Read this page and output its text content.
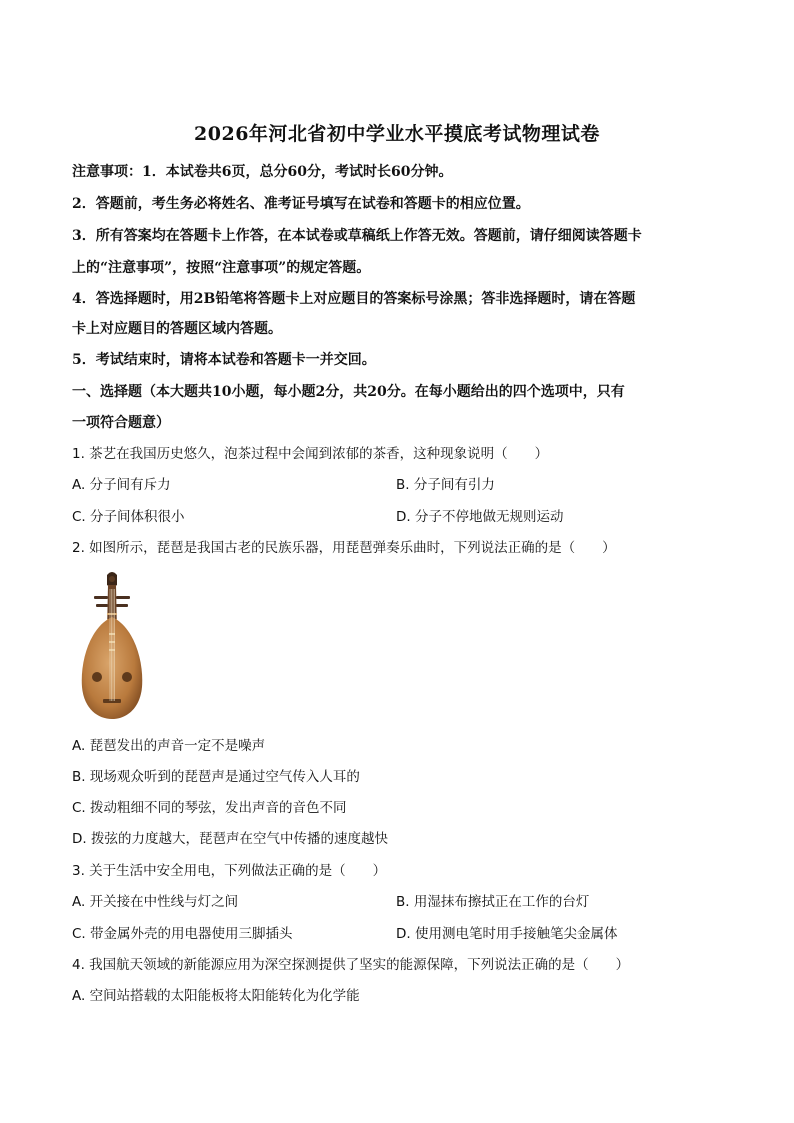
2026年河北省初中学业水平摸底考试物理试卷
注意事项：1．本试卷共6页，总分60分，考试时长60分钟。
2．答题前，考生务必将姓名、准考证号填写在试卷和答题卡的相应位置。
3．所有答案均在答题卡上作答，在本试卷或草稿纸上作答无效。答题前，请仔细阅读答题卡
上的“注意事项”，按照“注意事项”的规定答题。
4．答选择题时，用2B铅笔将答题卡上对应题目的答案标号涂黑；答非选择题时，请在答题
卡上对应题目的答题区域内答题。
5．考试结束时，请将本试卷和答题卡一并交回。
一、选择题（本大题共10小题，每小题2分，共20分。在每小题给出的四个选项中，只有
一项符合题意）
1. 茶艺在我国历史悠久，泡茶过程中会闻到浓郁的茶香，这种现象说明（　　）
A. 分子间有斥力	B. 分子间有引力
C. 分子间体积很小	D. 分子不停地做无规则运动
2. 如图所示，琵琶是我国古老的民族乐器，用琵琶弹奏乐曲时，下列说法正确的是（　　）
A. 琵琶发出的声音一定不是噪声
B. 现场观众听到的琵琶声是通过空气传入人耳的
C. 拨动粗细不同的琴弦，发出声音的音色不同
D. 拨弦的力度越大，琵琶声在空气中传播的速度越快
3. 关于生活中安全用电，下列做法正确的是（　　）
A. 开关接在中性线与灯之间	B. 用湿抹布擦拭正在工作的台灯
C. 带金属外壳的用电器使用三脚插头	D. 使用测电笔时用手接触笔尖金属体
4. 我国航天领域的新能源应用为深空探测提供了坚实的能源保障，下列说法正确的是（　　）
A. 空间站搭载的太阳能板将太阳能转化为化学能
